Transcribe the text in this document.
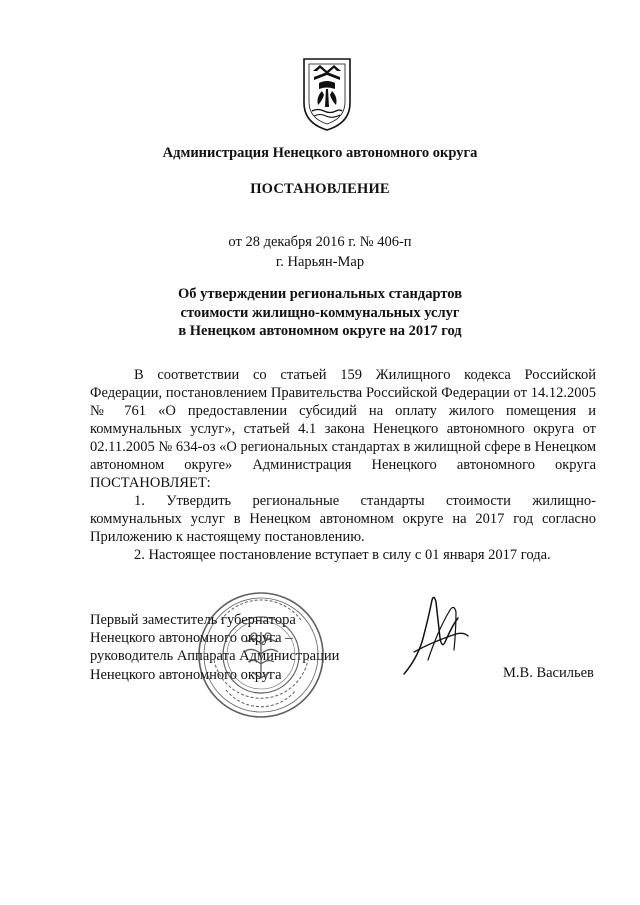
Администрация Ненецкого автономного округа
ПОСТАНОВЛЕНИЕ
от 28 декабря 2016 г. № 406-п
г. Нарьян-Мар
Об утверждении региональных стандартов
стоимости жилищно-коммунальных услуг
в Ненецком автономном округе на 2017 год

В соответствии со статьей 159 Жилищного кодекса Российской Федерации, постановлением Правительства Российской Федерации от 14.12.2005 № 761 «О предоставлении субсидий на оплату жилого помещения и коммунальных услуг», статьей 4.1 закона Ненецкого автономного округа от 02.11.2005 № 634-оз «О региональных стандартах в жилищной сфере в Ненецком автономном округе» Администрация Ненецкого автономного округа ПОСТАНОВЛЯЕТ:

1. Утвердить региональные стандарты стоимости жилищно-коммунальных услуг в Ненецком автономном округе на 2017 год согласно Приложению к настоящему постановлению.

2. Настоящее постановление вступает в силу с 01 января 2017 года.

Первый заместитель губернатора
Ненецкого автономного округа –
руководитель Аппарата Администрации
Ненецкого автономного округа	М.В. Васильев
